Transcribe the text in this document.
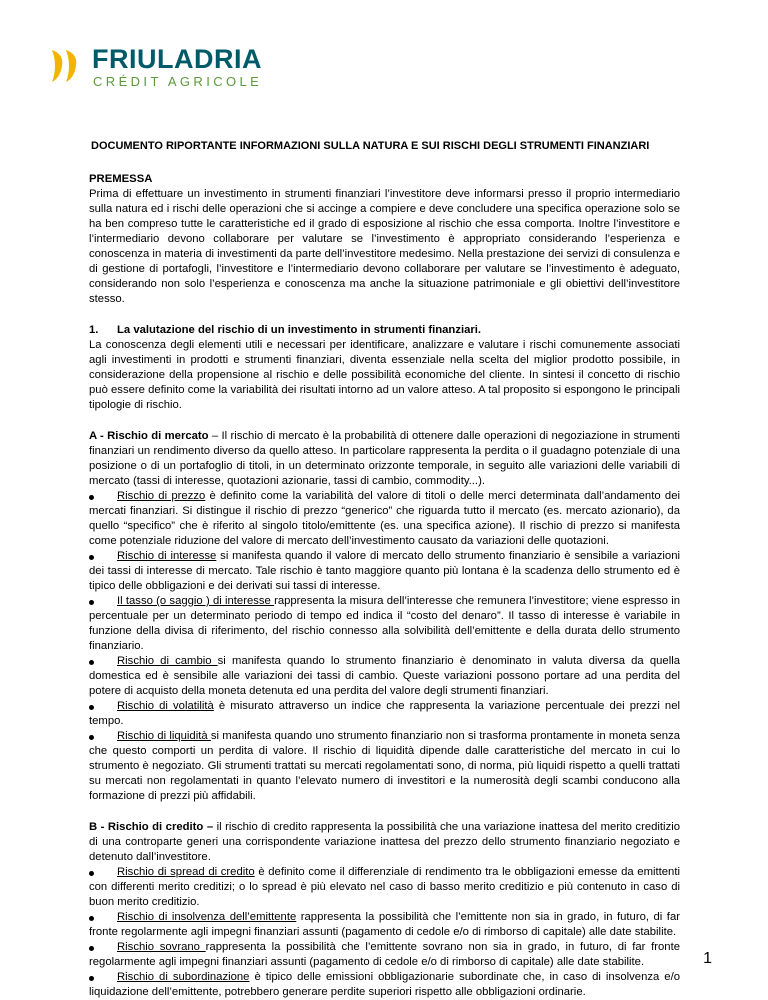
FRIULADRIA
CRÉDIT AGRICOLE
DOCUMENTO RIPORTANTE INFORMAZIONI SULLA NATURA E SUI RISCHI DEGLI STRUMENTI FINANZIARI

PREMESSA

Prima di effettuare un investimento in strumenti finanziari l’investitore deve informarsi presso il proprio intermediario sulla natura ed i rischi delle operazioni che si accinge a compiere e deve concludere una specifica operazione solo se ha ben compreso tutte le caratteristiche ed il grado di esposizione al rischio che essa comporta. Inoltre l’investitore e l’intermediario devono collaborare per valutare se l’investimento è appropriato considerando l’esperienza e conoscenza in materia di investimenti da parte dell’investitore medesimo. Nella prestazione dei servizi di consulenza e di gestione di portafogli, l’investitore e l’intermediario devono collaborare per valutare se l’investimento è adeguato, considerando non solo l’esperienza e conoscenza ma anche la situazione patrimoniale e gli obiettivi dell’investitore stesso.

1. La valutazione del rischio di un investimento in strumenti finanziari.

La conoscenza degli elementi utili e necessari per identificare, analizzare e valutare i rischi comunemente associati agli investimenti in prodotti e strumenti finanziari, diventa essenziale nella scelta del miglior prodotto possibile, in considerazione della propensione al rischio e delle possibilità economiche del cliente. In sintesi il concetto di rischio può essere definito come la variabilità dei risultati intorno ad un valore atteso. A tal proposito si espongono le principali tipologie di rischio.

A - Rischio di mercato – Il rischio di mercato è la probabilità di ottenere dalle operazioni di negoziazione in strumenti finanziari un rendimento diverso da quello atteso. In particolare rappresenta la perdita o il guadagno potenziale di una posizione o di un portafoglio di titoli, in un determinato orizzonte temporale, in seguito alle variazioni delle variabili di mercato (tassi di interesse, quotazioni azionarie, tassi di cambio, commodity...).

Rischio di prezzo è definito come la variabilità del valore di titoli o delle merci determinata dall’andamento dei mercati finanziari. Si distingue il rischio di prezzo “generico” che riguarda tutto il mercato (es. mercato azionario), da quello “specifico” che è riferito al singolo titolo/emittente (es. una specifica azione). Il rischio di prezzo si manifesta come potenziale riduzione del valore di mercato dell’investimento causato da variazioni delle quotazioni.

Rischio di interesse si manifesta quando il valore di mercato dello strumento finanziario è sensibile a variazioni dei tassi di interesse di mercato. Tale rischio è tanto maggiore quanto più lontana è la scadenza dello strumento ed è tipico delle obbligazioni e dei derivati sui tassi di interesse.

Il tasso (o saggio ) di interesse rappresenta la misura dell’interesse che remunera l’investitore; viene espresso in percentuale per un determinato periodo di tempo ed indica il “costo del denaro”. Il tasso di interesse è variabile in funzione della divisa di riferimento, del rischio connesso alla solvibilità dell’emittente e della durata dello strumento finanziario.

Rischio di cambio si manifesta quando lo strumento finanziario è denominato in valuta diversa da quella domestica ed è sensibile alle variazioni dei tassi di cambio. Queste variazioni possono portare ad una perdita del potere di acquisto della moneta detenuta ed una perdita del valore degli strumenti finanziari.

Rischio di volatilità è misurato attraverso un indice che rappresenta la variazione percentuale dei prezzi nel tempo.

Rischio di liquidità si manifesta quando uno strumento finanziario non si trasforma prontamente in moneta senza che questo comporti un perdita di valore. Il rischio di liquidità dipende dalle caratteristiche del mercato in cui lo strumento è negoziato. Gli strumenti trattati su mercati regolamentati sono, di norma, più liquidi rispetto a quelli trattati su mercati non regolamentati in quanto l’elevato numero di investitori e la numerosità degli scambi conducono alla formazione di prezzi più affidabili.

B - Rischio di credito – il rischio di credito rappresenta la possibilità che una variazione inattesa del merito creditizio di una controparte generi una corrispondente variazione inattesa del prezzo dello strumento finanziario negoziato e detenuto dall’investitore.

Rischio di spread di credito è definito come il differenziale di rendimento tra le obbligazioni emesse da emittenti con differenti merito creditizi; o lo spread è più elevato nel caso di basso merito creditizio e più contenuto in caso di buon merito creditizio.

Rischio di insolvenza dell’emittente rappresenta la possibilità che l’emittente non sia in grado, in futuro, di far fronte regolarmente agli impegni finanziari assunti (pagamento di cedole e/o di rimborso di capitale) alle date stabilite.

Rischio sovrano rappresenta la possibilità che l’emittente sovrano non sia in grado, in futuro, di far fronte regolarmente agli impegni finanziari assunti (pagamento di cedole e/o di rimborso di capitale) alle date stabilite.

Rischio di subordinazione è tipico delle emissioni obbligazionarie subordinate che, in caso di insolvenza e/o liquidazione dell’emittente, potrebbero generare perdite superiori rispetto alle obbligazioni ordinarie.

1
